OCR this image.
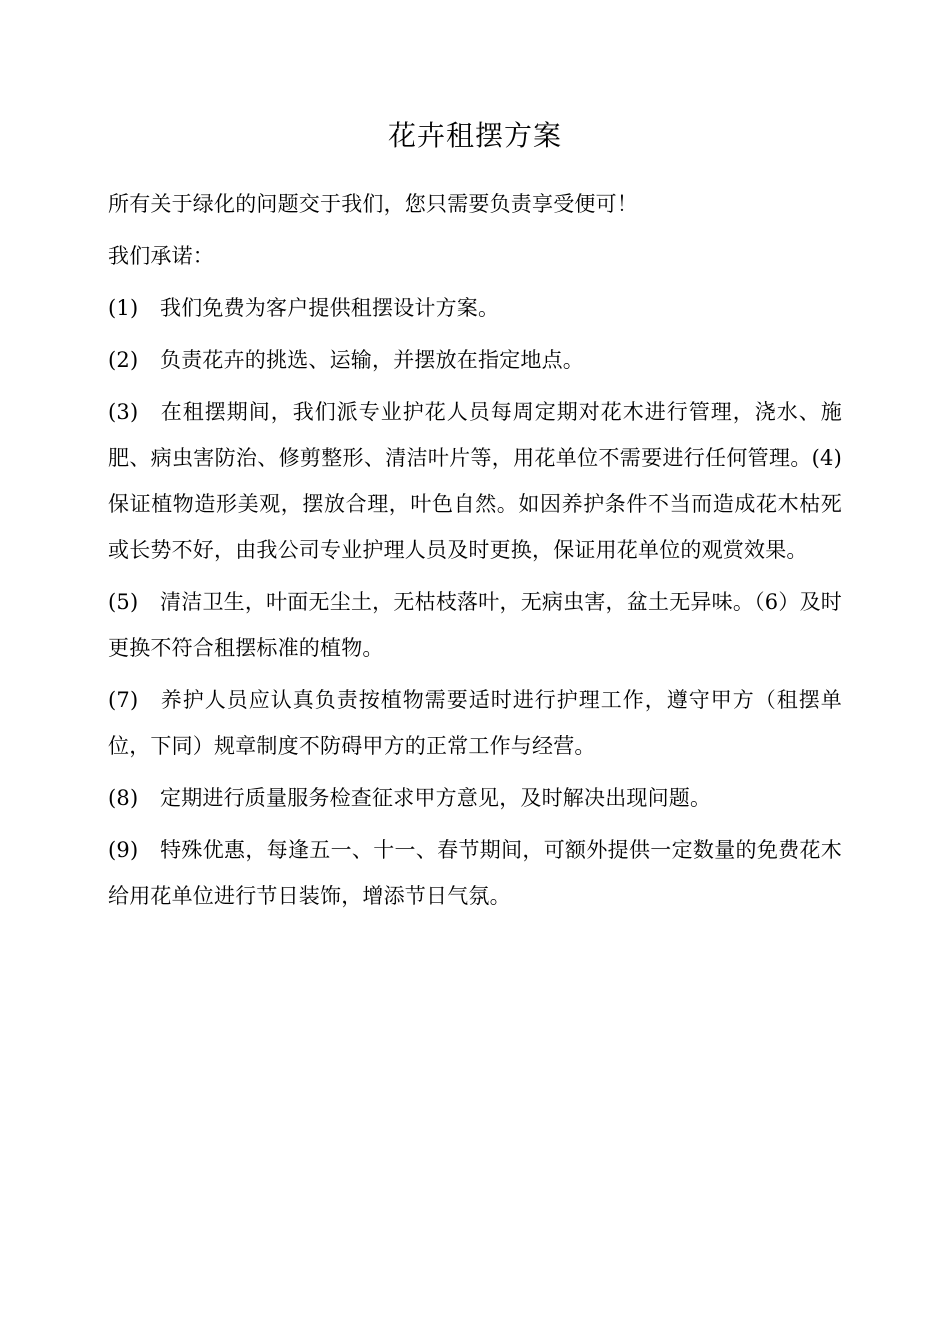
花卉租摆方案

所有关于绿化的问题交于我们，您只需要负责享受便可！

我们承诺：

(1) 我们免费为客户提供租摆设计方案。

(2) 负责花卉的挑选、运输，并摆放在指定地点。

(3) 在租摆期间，我们派专业护花人员每周定期对花木进行管理，浇水、施肥、病虫害防治、修剪整形、清洁叶片等，用花单位不需要进行任何管理。(4)　保证植物造形美观，摆放合理，叶色自然。如因养护条件不当而造成花木枯死或长势不好，由我公司专业护理人员及时更换，保证用花单位的观赏效果。

(5) 清洁卫生，叶面无尘土，无枯枝落叶，无病虫害，盆土无异味。（6）及时更换不符合租摆标准的植物。

(7) 养护人员应认真负责按植物需要适时进行护理工作，遵守甲方（租摆单位，下同）规章制度不防碍甲方的正常工作与经营。

(8) 定期进行质量服务检查征求甲方意见，及时解决出现问题。

(9) 特殊优惠，每逢五一、十一、春节期间，可额外提供一定数量的免费花木给用花单位进行节日装饰，增添节日气氛。
